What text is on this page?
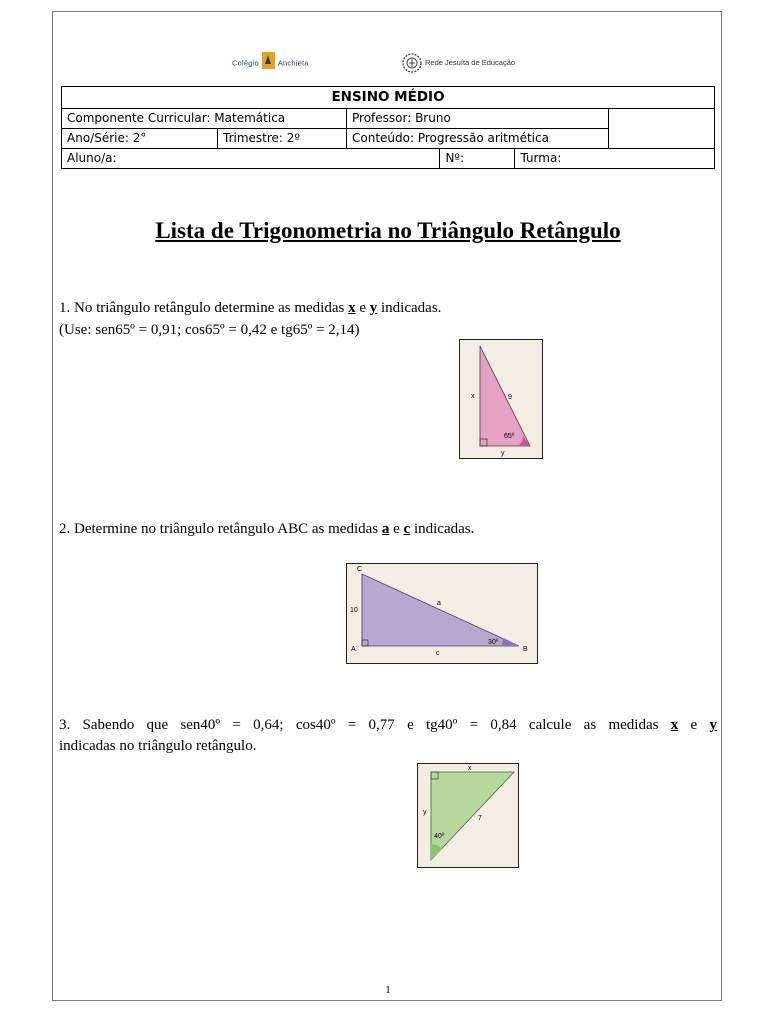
Colégio	Anchieta	Rede Jesuíta de Educação
ENSINO MÉDIO					
Componente Curricular: Matemática		Professor: Bruno			
Ano/Série: 2°	Trimestre: 2º	Conteúdo: Progressão aritmética			
Aluno/a:			Nº:	Turma:	
Lista de Trigonometria no Triângulo Retângulo
1. No triângulo retângulo determine as medidas x e y indicadas.
(Use: sen65º = 0,91; cos65º = 0,42 e tg65º = 2,14)
x	9
65º
y
2. Determine no triângulo retângulo ABC as medidas a e c indicadas.
C
A	B
10
a
c
30º
3. Sabendo que sen40º = 0,64; cos40º = 0,77 e tg40º = 0,84 calcule as medidas x e y
indicadas no triângulo retângulo.
x
y
7
40º
1
